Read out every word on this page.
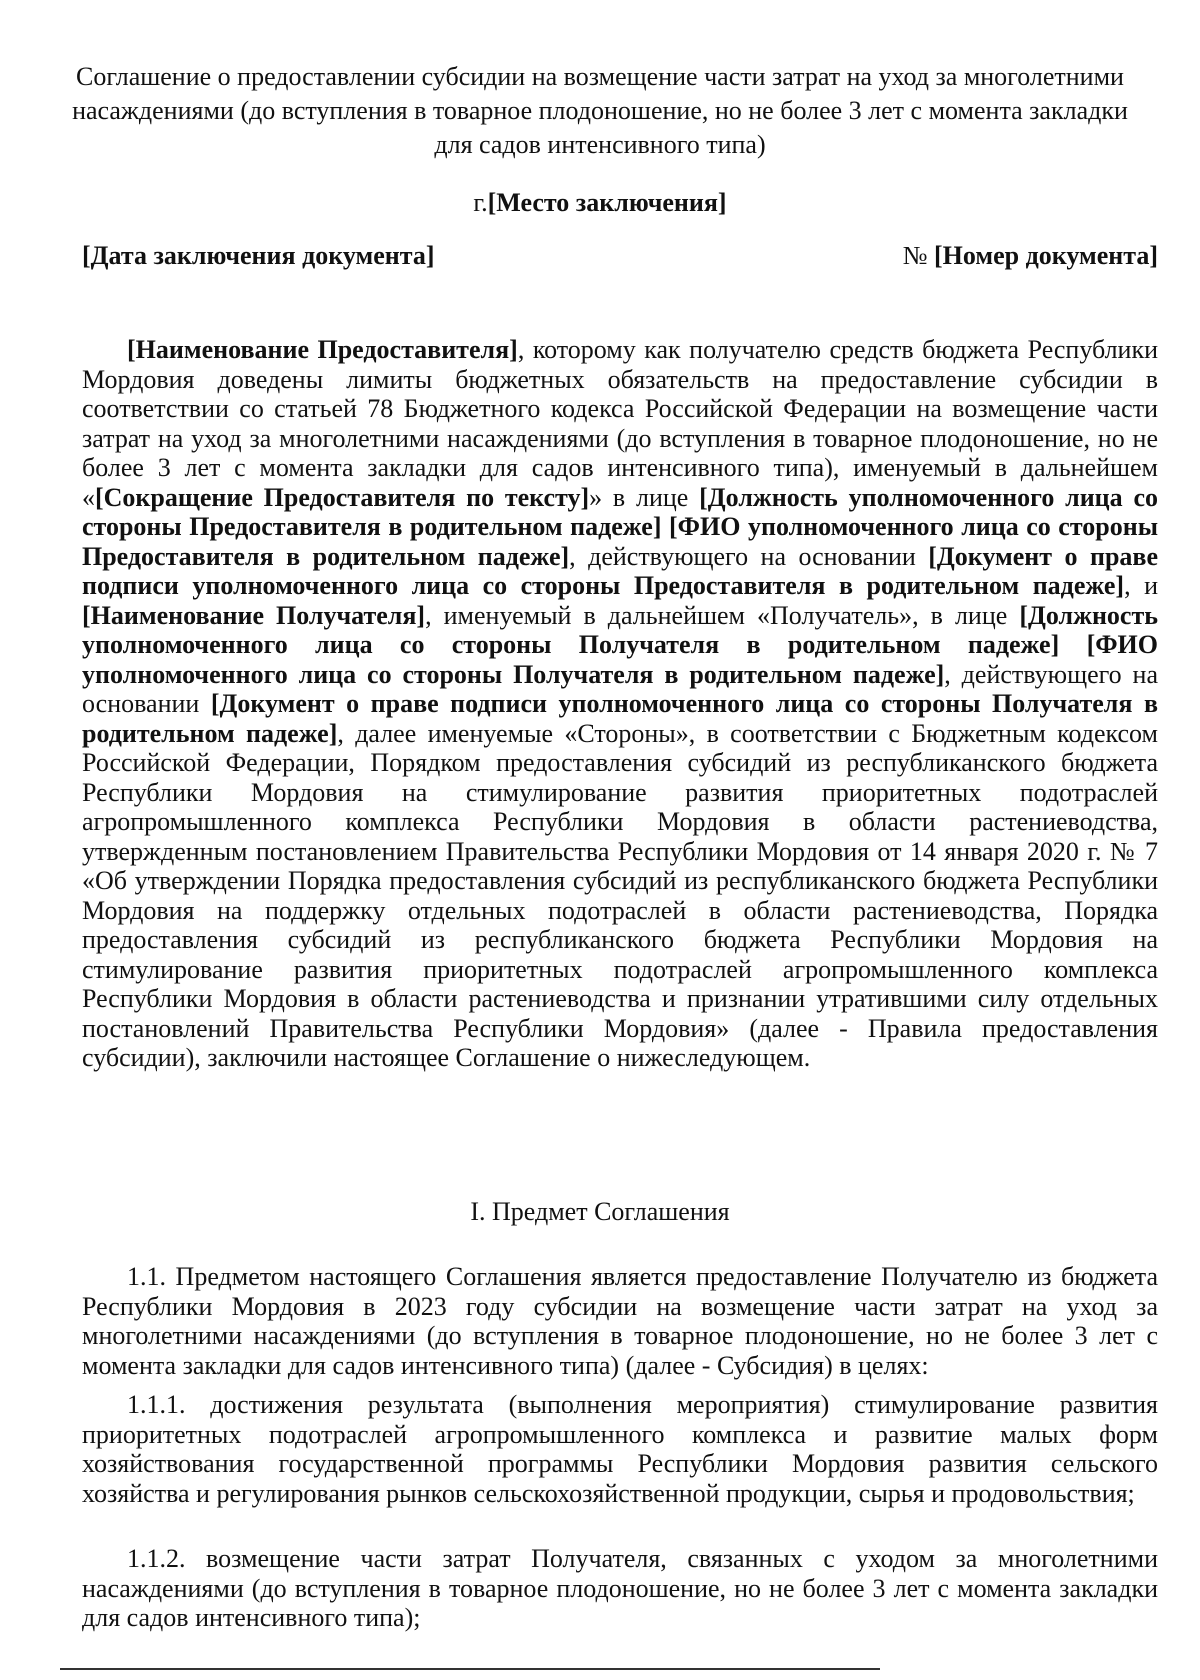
Соглашение о предоставлении субсидии на возмещение части затрат на уход за многолетними насаждениями (до вступления в товарное плодоношение, но не более 3 лет с момента закладки для садов интенсивного типа)
г.[Место заключения]
[Дата заключения документа]	№ [Номер документа]

[Наименование Предоставителя], которому как получателю средств бюджета Республики Мордовия доведены лимиты бюджетных обязательств на предоставление субсидии в соответствии со статьей 78 Бюджетного кодекса Российской Федерации на возмещение части затрат на уход за многолетними насаждениями (до вступления в товарное плодоношение, но не более 3 лет с момента закладки для садов интенсивного типа), именуемый в дальнейшем «[Сокращение Предоставителя по тексту]» в лице [Должность уполномоченного лица со стороны Предоставителя в родительном падеже] [ФИО уполномоченного лица со стороны Предоставителя в родительном падеже], действующего на основании [Документ о праве подписи уполномоченного лица со стороны Предоставителя в родительном падеже], и [Наименование Получателя], именуемый в дальнейшем «Получатель», в лице [Должность уполномоченного лица со стороны Получателя в родительном падеже] [ФИО уполномоченного лица со стороны Получателя в родительном падеже], действующего на основании [Документ о праве подписи уполномоченного лица со стороны Получателя в родительном падеже], далее именуемые «Стороны», в соответствии с Бюджетным кодексом Российской Федерации, Порядком предоставления субсидий из республиканского бюджета Республики Мордовия на стимулирование развития приоритетных подотраслей агропромышленного комплекса Республики Мордовия в области растениеводства, утвержденным постановлением Правительства Республики Мордовия от 14 января 2020 г. № 7 «Об утверждении Порядка предоставления субсидий из республиканского бюджета Республики Мордовия на поддержку отдельных подотраслей в области растениеводства, Порядка предоставления субсидий из республиканского бюджета Республики Мордовия на стимулирование развития приоритетных подотраслей агропромышленного комплекса Республики Мордовия в области растениеводства и признании утратившими силу отдельных постановлений Правительства Республики Мордовия» (далее - Правила предоставления субсидии), заключили настоящее Соглашение о нижеследующем.

I. Предмет Соглашения

1.1. Предметом настоящего Соглашения является предоставление Получателю из бюджета Республики Мордовия в 2023 году субсидии на возмещение части затрат на уход за многолетними насаждениями (до вступления в товарное плодоношение, но не более 3 лет с момента закладки для садов интенсивного типа) (далее - Субсидия) в целях:

1.1.1. достижения результата (выполнения мероприятия) стимулирование развития приоритетных подотраслей агропромышленного комплекса и развитие малых форм хозяйствования государственной программы Республики Мордовия развития сельского хозяйства и регулирования рынков сельскохозяйственной продукции, сырья и продовольствия;

1.1.2. возмещение части затрат Получателя, связанных с уходом за многолетними насаждениями (до вступления в товарное плодоношение, но не более 3 лет с момента закладки для садов интенсивного типа);
